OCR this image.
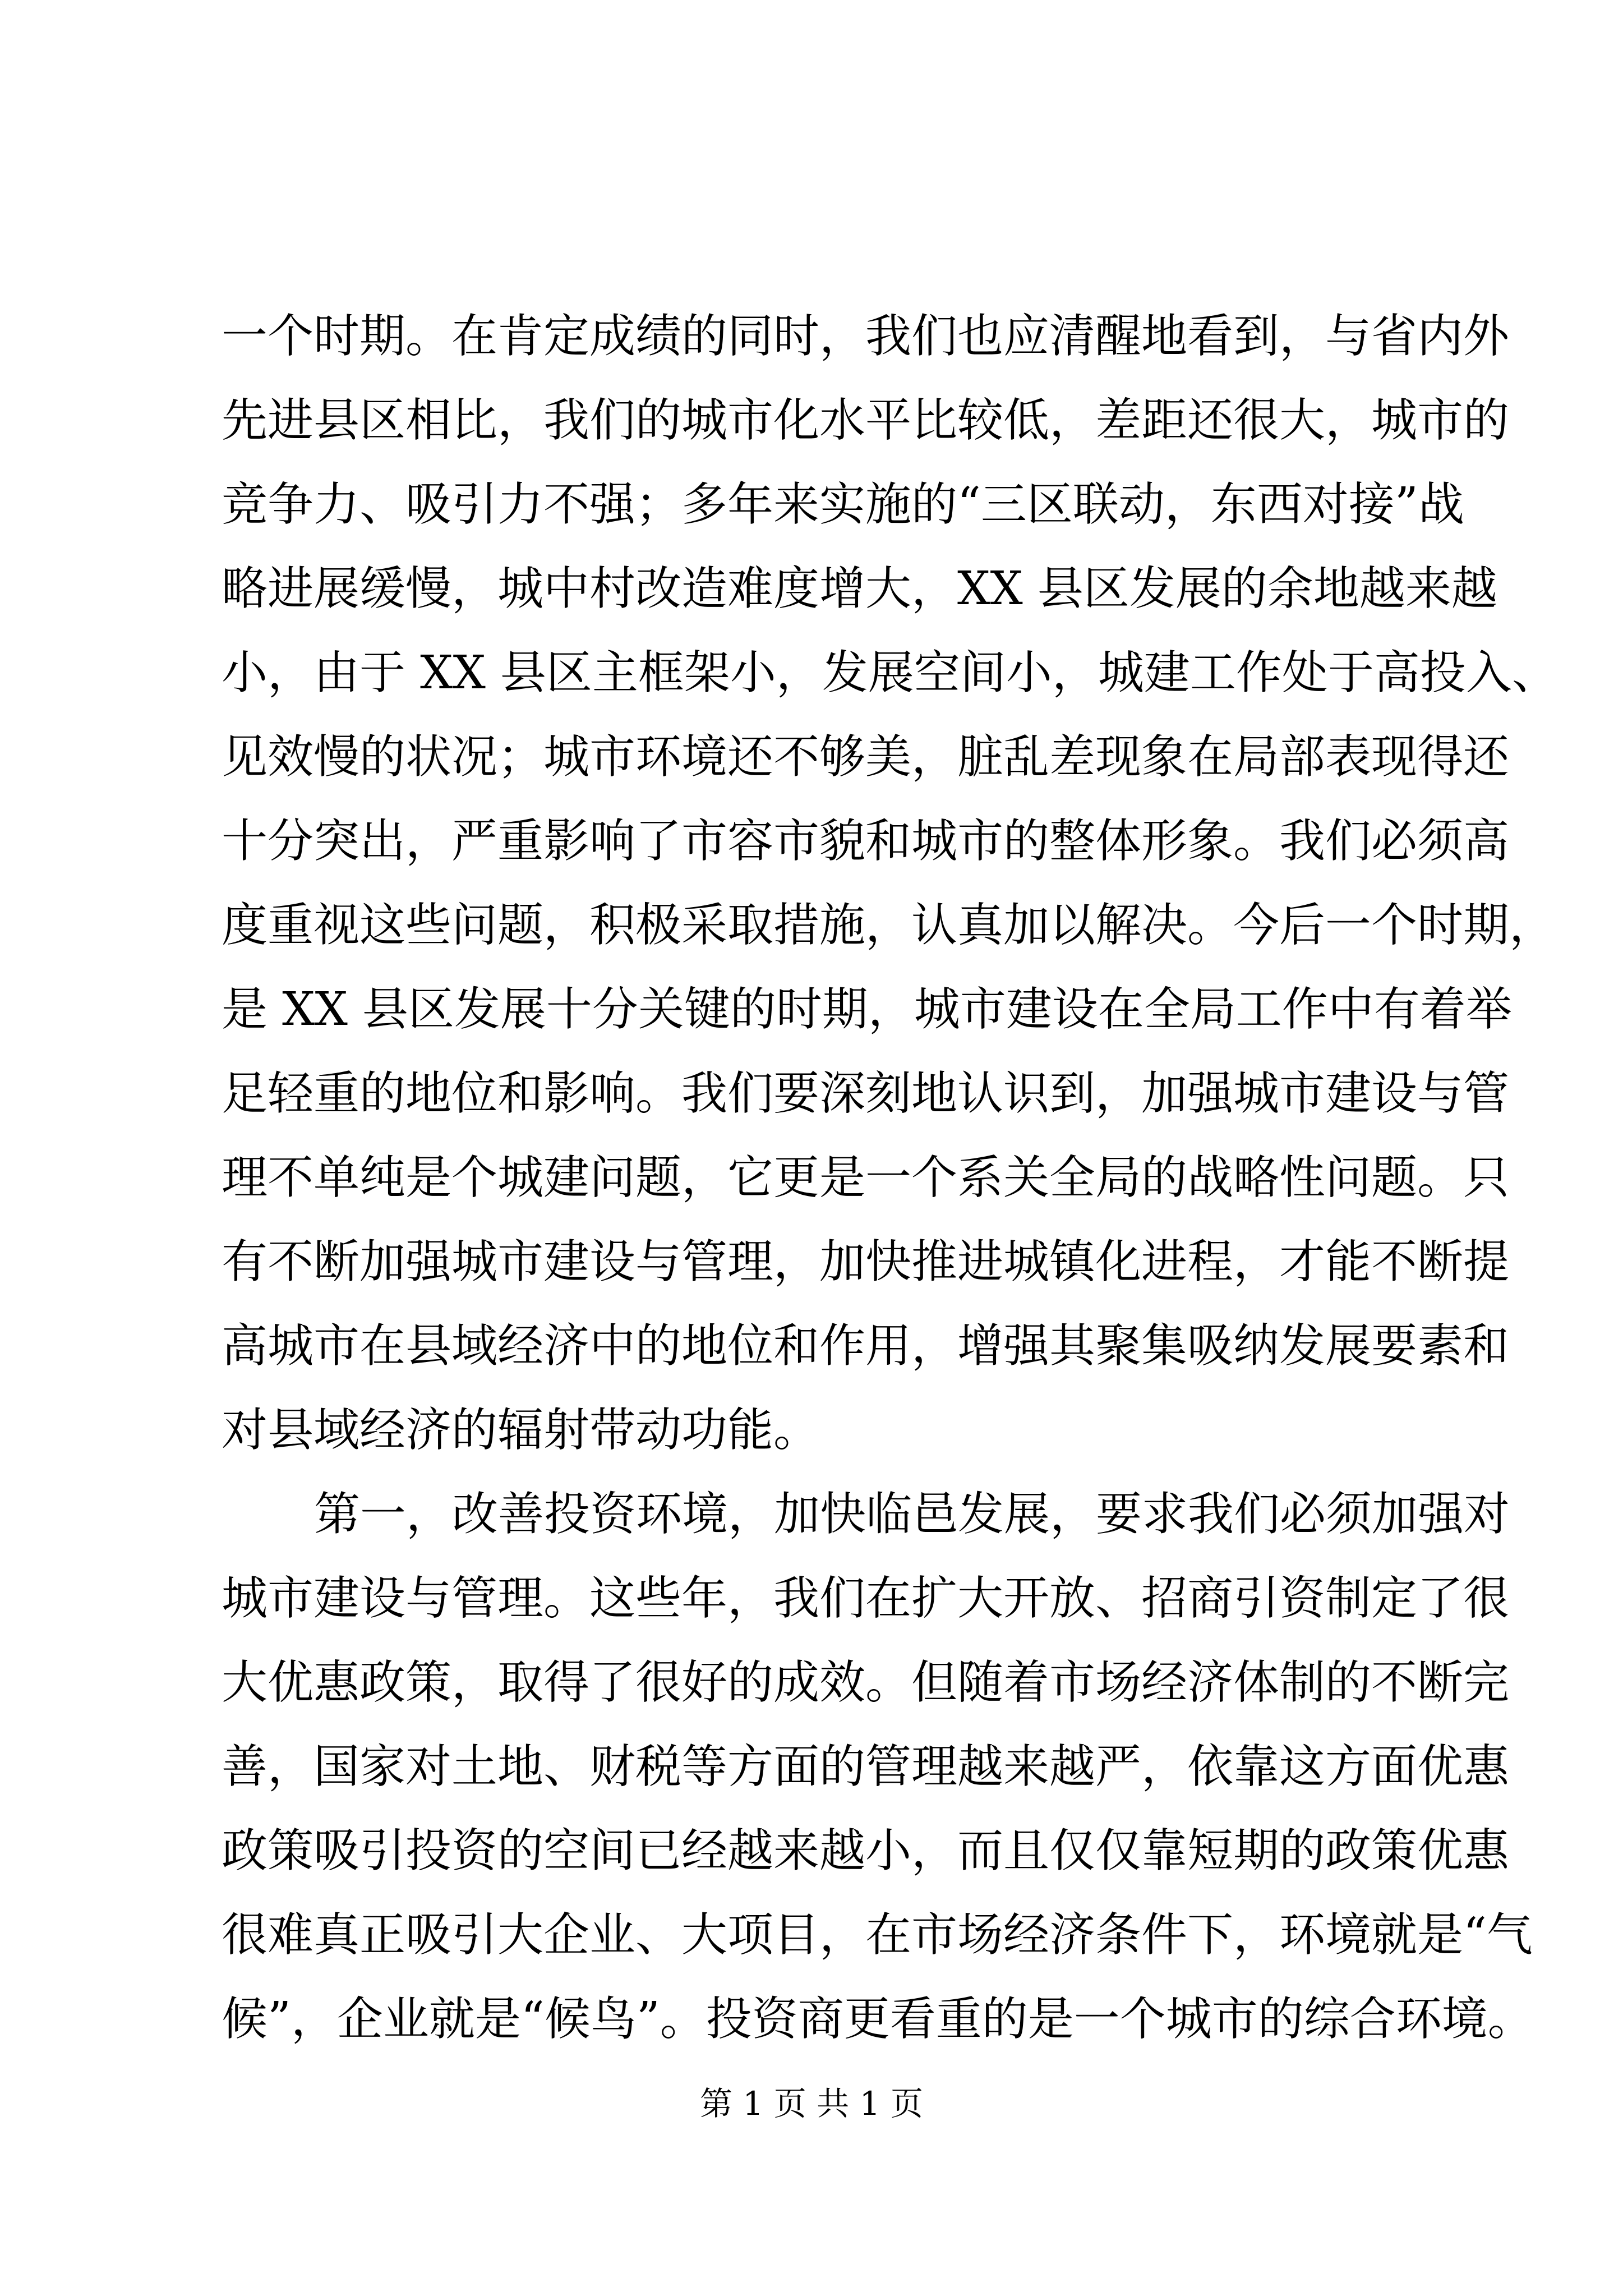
一个时期。在肯定成绩的同时，我们也应清醒地看到，与省内外
先进县区相比，我们的城市化水平比较低，差距还很大，城市的
竞争力、吸引力不强；多年来实施的“三区联动，东西对接”战
略进展缓慢，城中村改造难度增大，XX 县区发展的余地越来越
小，由于 XX 县区主框架小，发展空间小，城建工作处于高投入、
见效慢的状况；城市环境还不够美，脏乱差现象在局部表现得还
十分突出，严重影响了市容市貌和城市的整体形象。我们必须高
度重视这些问题，积极采取措施，认真加以解决。今后一个时期，
是 XX 县区发展十分关键的时期，城市建设在全局工作中有着举
足轻重的地位和影响。我们要深刻地认识到，加强城市建设与管
理不单纯是个城建问题，它更是一个系关全局的战略性问题。只
有不断加强城市建设与管理，加快推进城镇化进程，才能不断提
高城市在县域经济中的地位和作用，增强其聚集吸纳发展要素和
对县域经济的辐射带动功能。
第一，改善投资环境，加快临邑发展，要求我们必须加强对
城市建设与管理。这些年，我们在扩大开放、招商引资制定了很
大优惠政策，取得了很好的成效。但随着市场经济体制的不断完
善，国家对土地、财税等方面的管理越来越严，依靠这方面优惠
政策吸引投资的空间已经越来越小，而且仅仅靠短期的政策优惠
很难真正吸引大企业、大项目，在市场经济条件下，环境就是“气
候”，企业就是“候鸟”。投资商更看重的是一个城市的综合环境。
第 1 页 共 1 页
